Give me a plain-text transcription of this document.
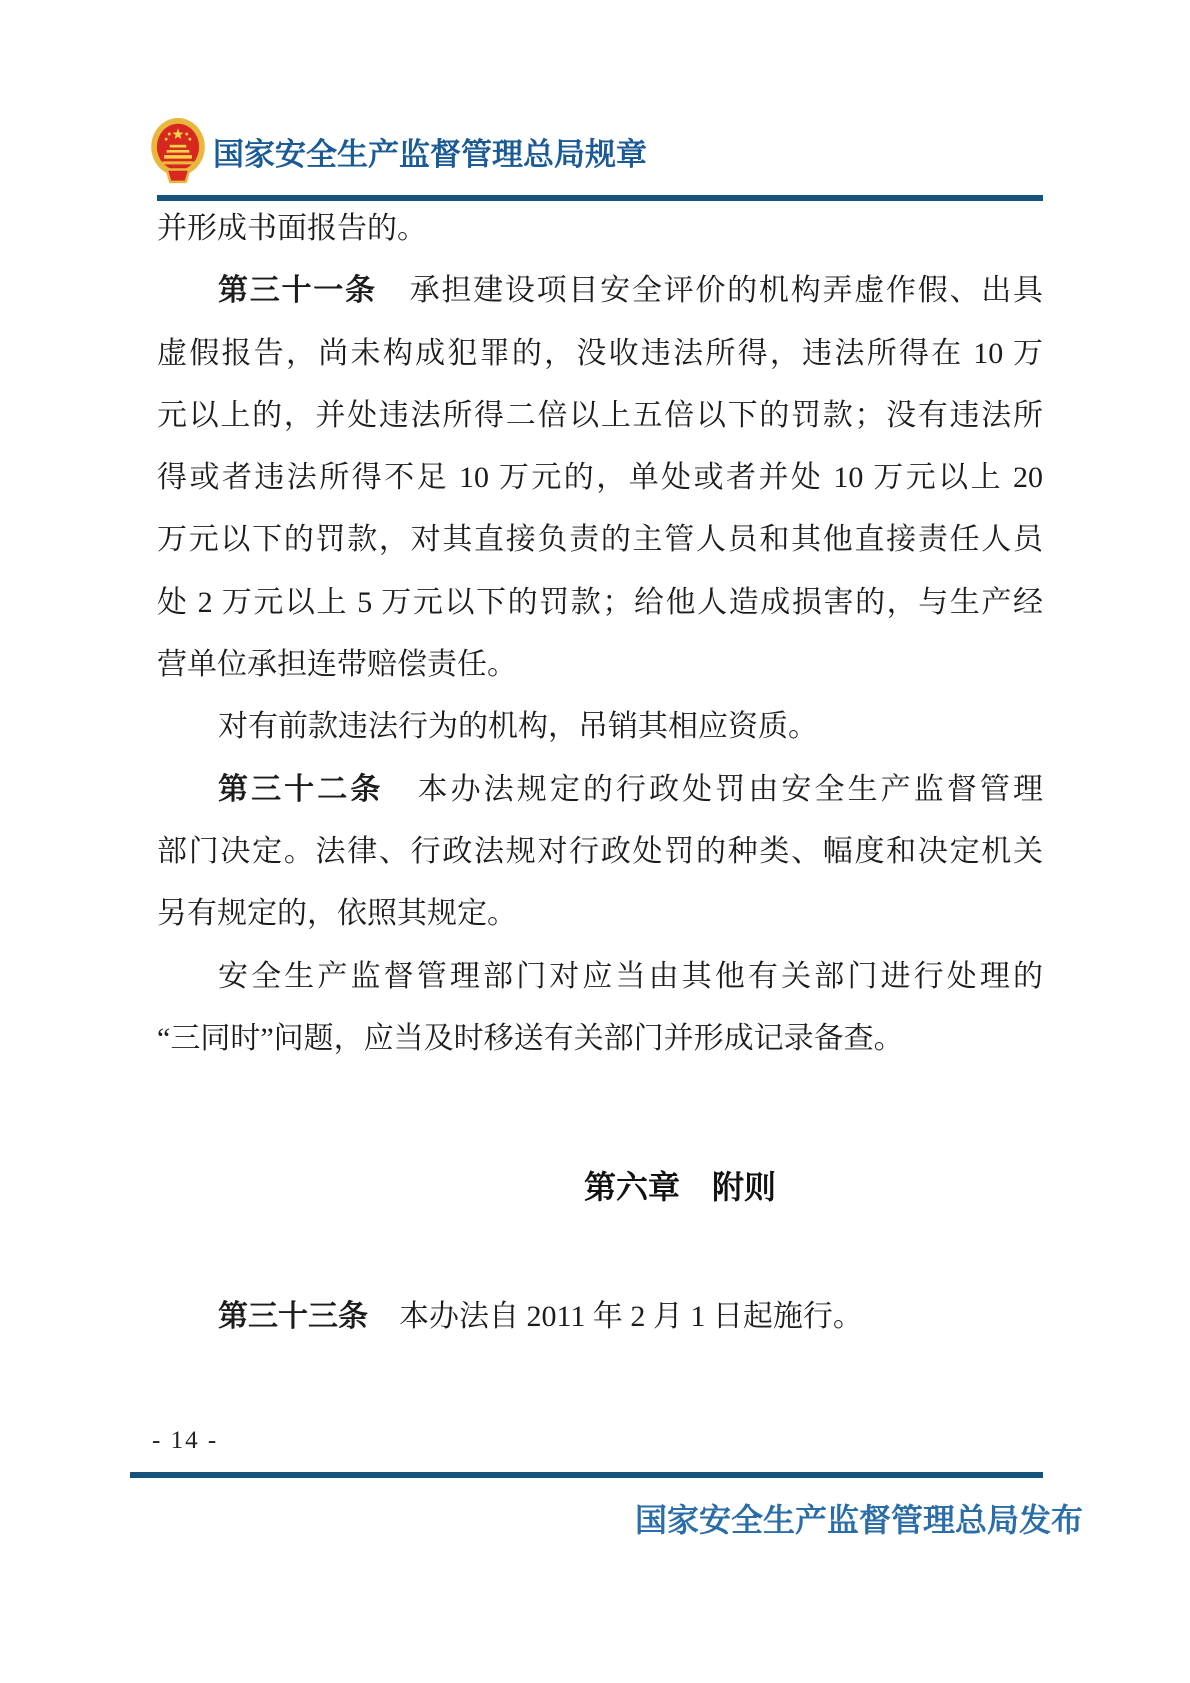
国家安全生产监督管理总局规章
并形成书面报告的。
第三十一条 承担建设项目安全评价的机构弄虚作假、出具
虚假报告，尚未构成犯罪的，没收违法所得，违法所得在 10 万
元以上的，并处违法所得二倍以上五倍以下的罚款；没有违法所
得或者违法所得不足 10 万元的，单处或者并处 10 万元以上 20
万元以下的罚款，对其直接负责的主管人员和其他直接责任人员
处 2 万元以上 5 万元以下的罚款；给他人造成损害的，与生产经
营单位承担连带赔偿责任。
对有前款违法行为的机构，吊销其相应资质。
第三十二条 本办法规定的行政处罚由安全生产监督管理
部门决定。法律、行政法规对行政处罚的种类、幅度和决定机关
另有规定的，依照其规定。
安全生产监督管理部门对应当由其他有关部门进行处理的
“三同时”问题，应当及时移送有关部门并形成记录备查。
第六章　附则

第三十三条 本办法自 2011 年 2 月 1 日起施行。

- 14 -
国家安全生产监督管理总局发布
